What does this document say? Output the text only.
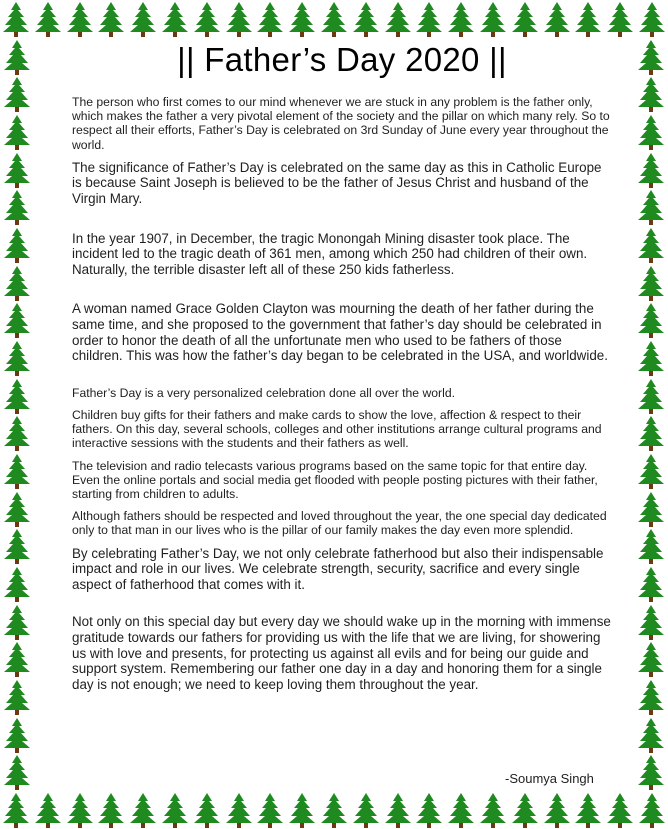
|| Father’s Day 2020 ||

The person who first comes to our mind whenever we are stuck in any problem is the father only, which makes the father a very pivotal element of the society and the pillar on which many rely. So to respect all their efforts, Father’s Day is celebrated on 3rd Sunday of June every year throughout the world.

The significance of Father’s Day is celebrated on the same day as this in Catholic Europe is because Saint Joseph is believed to be the father of Jesus Christ and husband of the Virgin Mary.

In the year 1907, in December, the tragic Monongah Mining disaster took place. The incident led to the tragic death of 361 men, among which 250 had children of their own. Naturally, the terrible disaster left all of these 250 kids fatherless.

A woman named Grace Golden Clayton was mourning the death of her father during the same time, and she proposed to the government that father’s day should be celebrated in order to honor the death of all the unfortunate men who used to be fathers of those children. This was how the father’s day began to be celebrated in the USA, and worldwide.

Father’s Day is a very personalized celebration done all over the world.

Children buy gifts for their fathers and make cards to show the love, affection & respect to their fathers. On this day, several schools, colleges and other institutions arrange cultural programs and interactive sessions with the students and their fathers as well.

The television and radio telecasts various programs based on the same topic for that entire day. Even the online portals and social media get flooded with people posting pictures with their father, starting from children to adults.

Although fathers should be respected and loved throughout the year, the one special day dedicated only to that man in our lives who is the pillar of our family makes the day even more splendid.

By celebrating Father’s Day, we not only celebrate fatherhood but also their indispensable impact and role in our lives. We celebrate strength, security, sacrifice and every single aspect of fatherhood that comes with it.

Not only on this special day but every day we should wake up in the morning with immense gratitude towards our fathers for providing us with the life that we are living, for showering us with love and presents, for protecting us against all evils and for being our guide and support system. Remembering our father one day in a day and honoring them for a single day is not enough; we need to keep loving them throughout the year.

-Soumya Singh
